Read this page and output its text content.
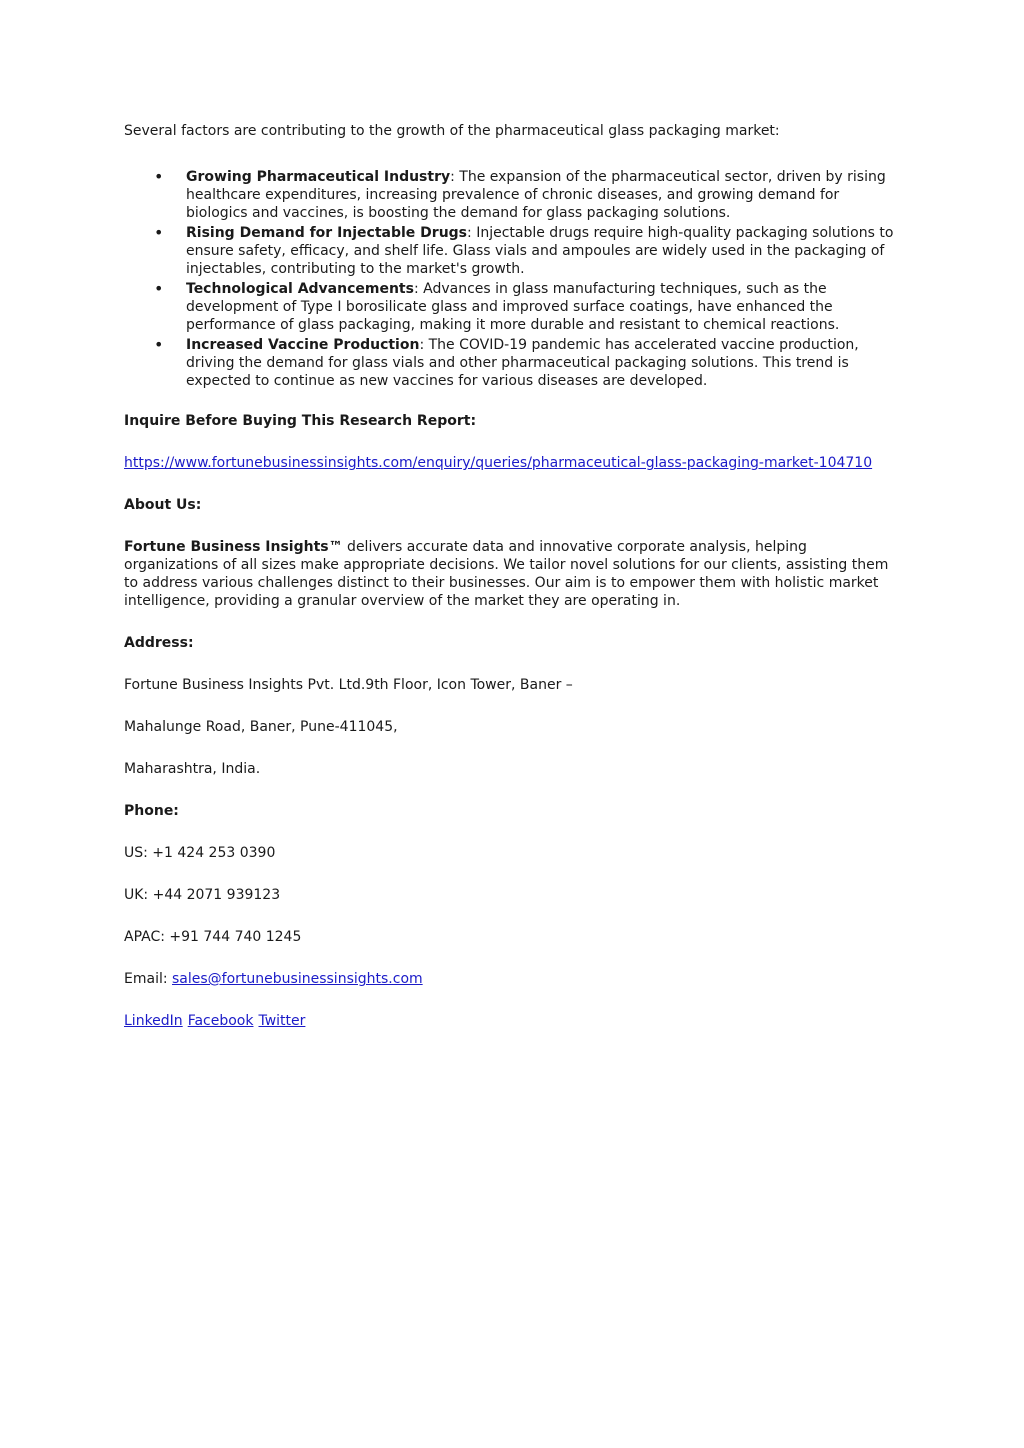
Several factors are contributing to the growth of the pharmaceutical glass packaging market:

• Growing Pharmaceutical Industry: The expansion of the pharmaceutical sector, driven by rising healthcare expenditures, increasing prevalence of chronic diseases, and growing demand for biologics and vaccines, is boosting the demand for glass packaging solutions.
• Rising Demand for Injectable Drugs: Injectable drugs require high-quality packaging solutions to ensure safety, efficacy, and shelf life. Glass vials and ampoules are widely used in the packaging of injectables, contributing to the market's growth.
• Technological Advancements: Advances in glass manufacturing techniques, such as the development of Type I borosilicate glass and improved surface coatings, have enhanced the performance of glass packaging, making it more durable and resistant to chemical reactions.
• Increased Vaccine Production: The COVID-19 pandemic has accelerated vaccine production, driving the demand for glass vials and other pharmaceutical packaging solutions. This trend is expected to continue as new vaccines for various diseases are developed.

Inquire Before Buying This Research Report:

https://www.fortunebusinessinsights.com/enquiry/queries/pharmaceutical-glass-packaging-market-104710

About Us:

Fortune Business Insights™ delivers accurate data and innovative corporate analysis, helping organizations of all sizes make appropriate decisions. We tailor novel solutions for our clients, assisting them to address various challenges distinct to their businesses. Our aim is to empower them with holistic market intelligence, providing a granular overview of the market they are operating in.

Address:

Fortune Business Insights Pvt. Ltd.9th Floor, Icon Tower, Baner –

Mahalunge Road, Baner, Pune-411045,

Maharashtra, India.

Phone:

US: +1 424 253 0390

UK: +44 2071 939123

APAC: +91 744 740 1245

Email: sales@fortunebusinessinsights.com

LinkedIn Facebook Twitter
